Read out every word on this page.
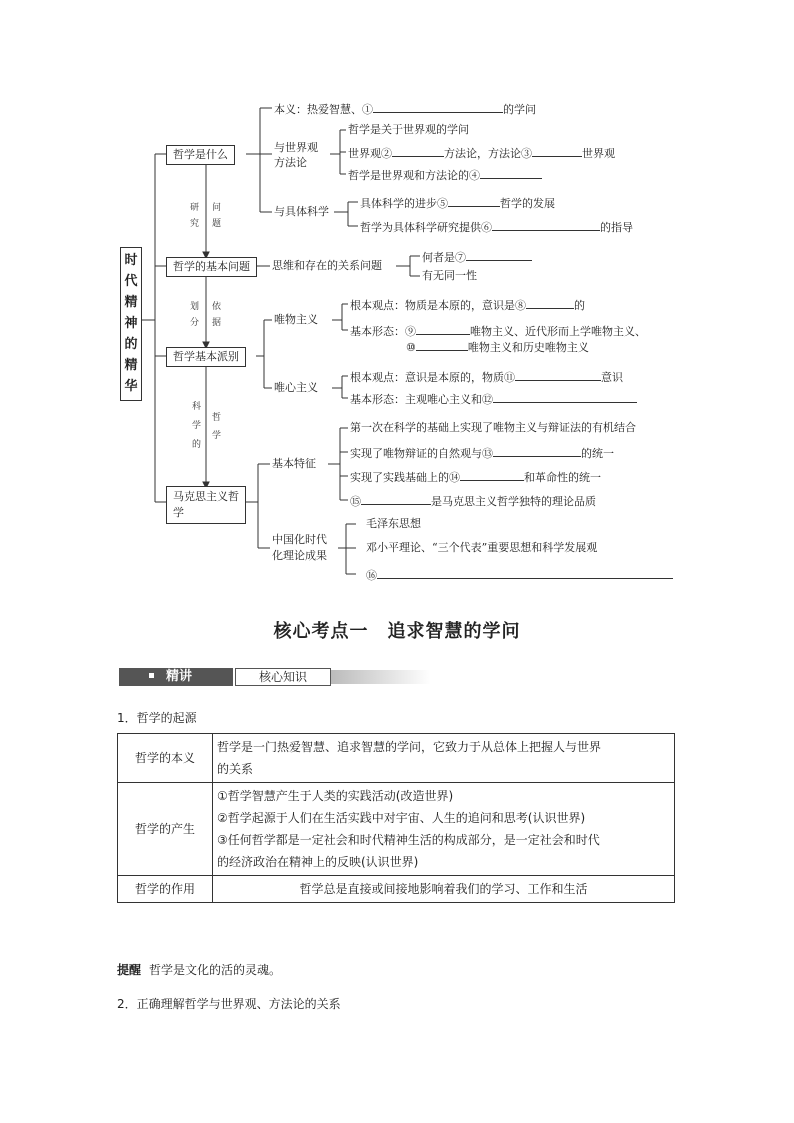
时代精神的精华
哲学是什么
哲学的基本问题
哲学基本派别
马克思主义哲学
研
究
问
题
划
分
依
据
科
学
的
哲
学
本义：热爱智慧、①	的学问
与世界观
方法论
哲学是关于世界观的学问
世界观②	方法论，方法论③	世界观
哲学是世界观和方法论的④
与具体科学
具体科学的进步⑤	哲学的发展
哲学为具体科学研究提供⑥	的指导
思维和存在的关系问题
何者是⑦
有无同一性
唯物主义
根本观点：物质是本原的，意识是⑧	的
基本形态：⑨	唯物主义、近代形而上学唯物主义、
⑩	唯物主义和历史唯物主义
唯心主义
根本观点：意识是本原的，物质⑪	意识
基本形态：主观唯心主义和⑫
基本特征
第一次在科学的基础上实现了唯物主义与辩证法的有机结合
实现了唯物辩证的自然观与⑬	的统一
实现了实践基础上的⑭	和革命性的统一
⑮	是马克思主义哲学独特的理论品质
中国化时代
化理论成果
毛泽东思想
邓小平理论、“三个代表”重要思想和科学发展观
⑯
核心考点一　追求智慧的学问
精讲	核心知识
1．哲学的起源
哲学的本义	哲学是一门热爱智慧、追求智慧的学问，它致力于从总体上把握人与世界
的关系

哲学的产生	①哲学智慧产生于人类的实践活动(改造世界)
②哲学起源于人们在生活实践中对宇宙、人生的追问和思考(认识世界)
③任何哲学都是一定社会和时代精神生活的构成部分，是一定社会和时代
的经济政治在精神上的反映(认识世界)

哲学的作用	哲学总是直接或间接地影响着我们的学习、工作和生活
提醒 哲学是文化的活的灵魂。
2．正确理解哲学与世界观、方法论的关系
